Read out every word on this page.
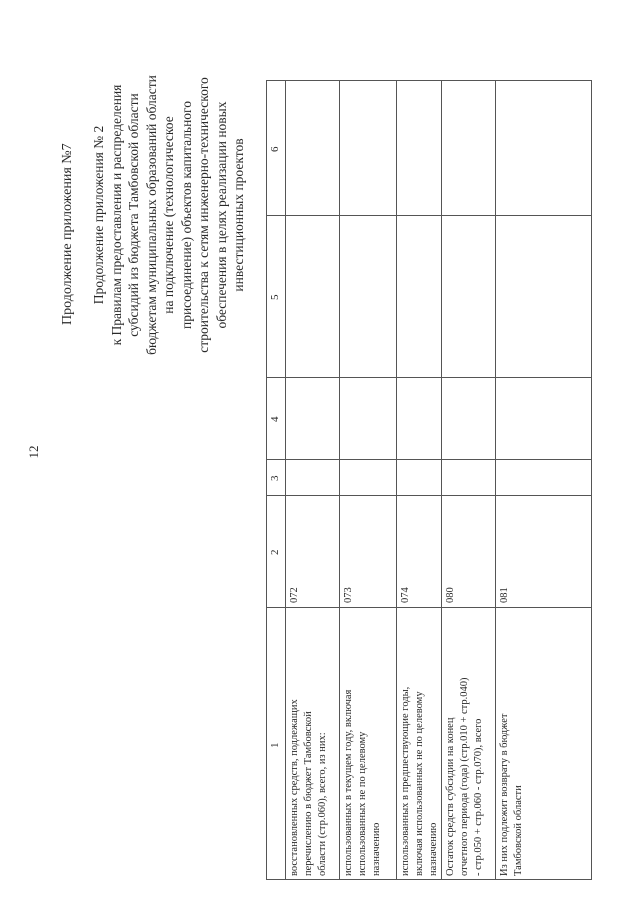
12
Продолжение приложения №7 Продолжение приложения № 2 к Правилам предоставления и распределения субсидий из бюджета Тамбовской области бюджетам муниципальных образований области на подключение (технологическое присоединение) объектов капитального строительства к сетям инженерно-технического обеспечения в целях реализации новых инвестиционных проектов
1
2
3
4
5
6
восстановленных средств, подлежащих перечислению в бюджет Тамбовской области (стр.060), всего, из них:
072
использованных в текущем году, включая использованных не по целевому назначению
073
использованных в предшествующие годы, включая использованных не по целевому назначению
074
Остаток средств субсидии на конец отчетного периода (года) (стр.010 + стр.040) - стр.050 + стр.060 - стр.070), всего
080
Из них подлежит возврату в бюджет Тамбовской области
081
